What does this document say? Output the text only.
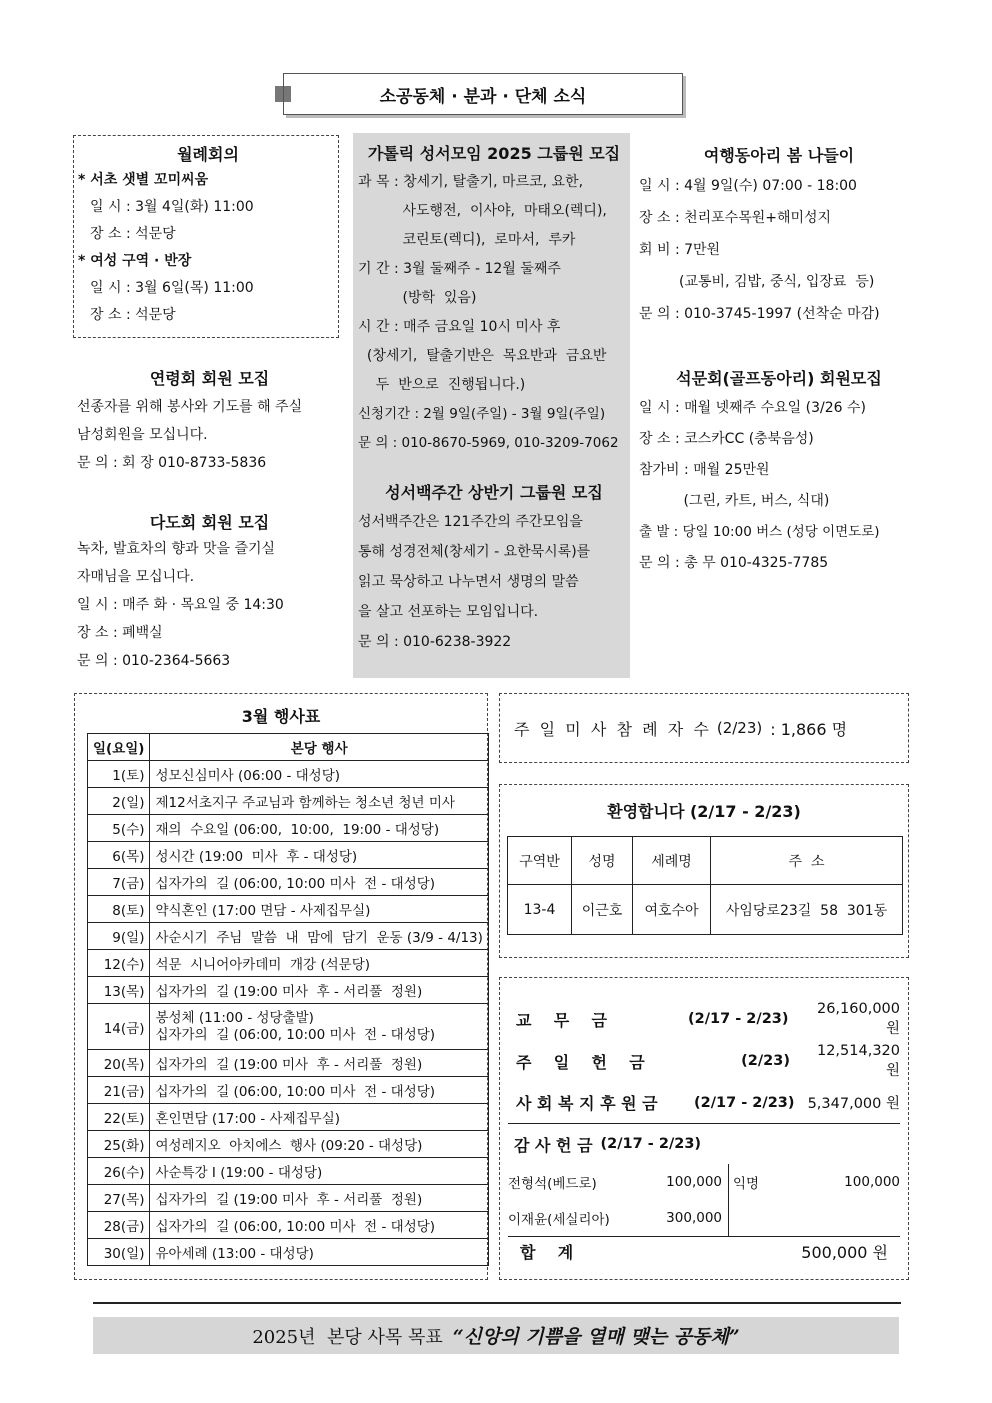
소공동체 · 분과 · 단체 소식
월례회의
* 서초 샛별 꼬미씨움
일 시 : 3월 4일(화) 11:00
장 소 : 석문당
* 여성 구역 · 반장
일 시 : 3월 6일(목) 11:00
장 소 : 석문당
연령회 회원 모집
선종자를 위해 봉사와 기도를 해 주실
남성회원을 모십니다.
문 의 : 회 장 010-8733-5836
다도회 회원 모집
녹차, 발효차의 향과 맛을 즐기실
자매님을 모십니다.
일 시 : 매주 화 · 목요일 중 14:30
장 소 : 폐백실
문 의 : 010-2364-5663
가톨릭 성서모임 2025 그룹원 모집
과 목 : 창세기, 탈출기, 마르코, 요한,
사도행전,  이사야,  마태오(렉디),
코린토(렉디),  로마서,  루카
기 간 : 3월 둘째주 - 12월 둘째주
(방학  있음)
시 간 : 매주 금요일 10시 미사 후
(창세기,  탈출기반은  목요반과  금요반
두  반으로  진행됩니다.)
신청기간 : 2월 9일(주일) - 3월 9일(주일)
문 의 : 010-8670-5969, 010-3209-7062
성서백주간 상반기 그룹원 모집
성서백주간은 121주간의 주간모임을
통해 성경전체(창세기 - 요한묵시록)를
읽고 묵상하고 나누면서 생명의 말씀
을 살고 선포하는 모임입니다.
문 의 : 010-6238-3922
여행동아리 봄 나들이
일 시 : 4월 9일(수) 07:00 - 18:00
장 소 : 천리포수목원+해미성지
회 비 : 7만원
(교통비, 김밥, 중식, 입장료  등)
문 의 : 010-3745-1997 (선착순 마감)
석문회(골프동아리) 회원모집
일 시 : 매월 넷째주 수요일 (3/26 수)
장 소 : 코스카CC (충북음성)
참가비 : 매월 25만원
(그린, 카트, 버스, 식대)
출 발 : 당일 10:00 버스 (성당 이면도로)
문 의 : 총 무 010-4325-7785
3월 행사표
일(요일)	본당 행사
1(토)	성모신심미사 (06:00 - 대성당)
2(일)	제12서초지구 주교님과 함께하는 청소년 청년 미사
5(수)	재의  수요일 (06:00,  10:00,  19:00 - 대성당)
6(목)	성시간 (19:00  미사  후 - 대성당)
7(금)	십자가의  길 (06:00, 10:00 미사  전 - 대성당)
8(토)	약식혼인 (17:00 면담 - 사제집무실)
9(일)	사순시기  주님  말씀  내  맘에  담기  운동 (3/9 - 4/13)
12(수)	석문  시니어아카데미  개강 (석문당)
13(목)	십자가의  길 (19:00 미사  후 - 서리풀  정원)
14(금)	봉성체 (11:00 - 성당출발)
십자가의  길 (06:00, 10:00 미사  전 - 대성당)

20(목)	십자가의  길 (19:00 미사  후 - 서리풀  정원)
21(금)	십자가의  길 (06:00, 10:00 미사  전 - 대성당)
22(토)	혼인면담 (17:00 - 사제집무실)
25(화)	여성레지오  아치에스  행사 (09:20 - 대성당)
26(수)	사순특강 Ⅰ (19:00 - 대성당)
27(목)	십자가의  길 (19:00 미사  후 - 서리풀  정원)
28(금)	십자가의  길 (06:00, 10:00 미사  전 - 대성당)
30(일)	유아세례 (13:00 - 대성당)
주  일  미  사  참  례  자  수 (2/23) : 1,866 명
환영합니다 (2/17 - 2/23)
구역반	성명	세례명	주  소
13-4	이근호	여호수아	사임당로23길  58  301동
교    무    금	(2/17 - 2/23)
26,160,000 원
주    일    헌    금	(2/23)
12,514,320 원
사 회 복 지 후 원 금	(2/17 - 2/23) 5,347,000 원
감 사 헌 금 (2/17 - 2/23)
전형석(베드로)	100,000
이재윤(세실리아)	300,000
익명	100,000
합    계	500,000 원
2025년  본당 사목 목표 “신앙의 기쁨을 열매 맺는 공동체”
